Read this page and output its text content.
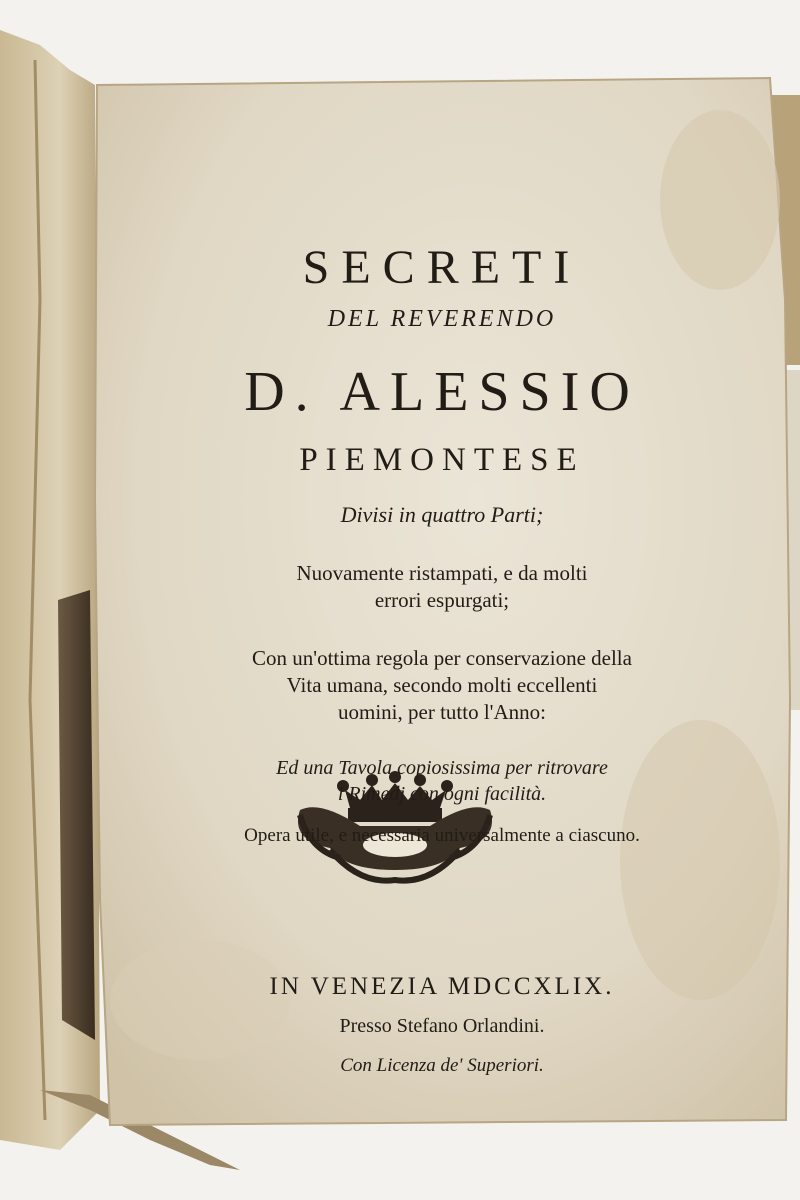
SECRETI
DEL REVERENDO
D. ALESSIO
PIEMONTESE
Divisi in quattro Parti;
Nuovamente ristampati, e da molti
errori espurgati;
Con un'ottima regola per conservazione della
Vita umana, secondo molti eccellenti
uomini, per tutto l'Anno:
Ed una Tavola copiosissima per ritrovare
i Rimedj con ogni facilità.
Opera utile, e necessaria universalmente a ciascuno.
IN VENEZIA MDCCXLIX.
Presso Stefano Orlandini.
Con Licenza de' Superiori.
